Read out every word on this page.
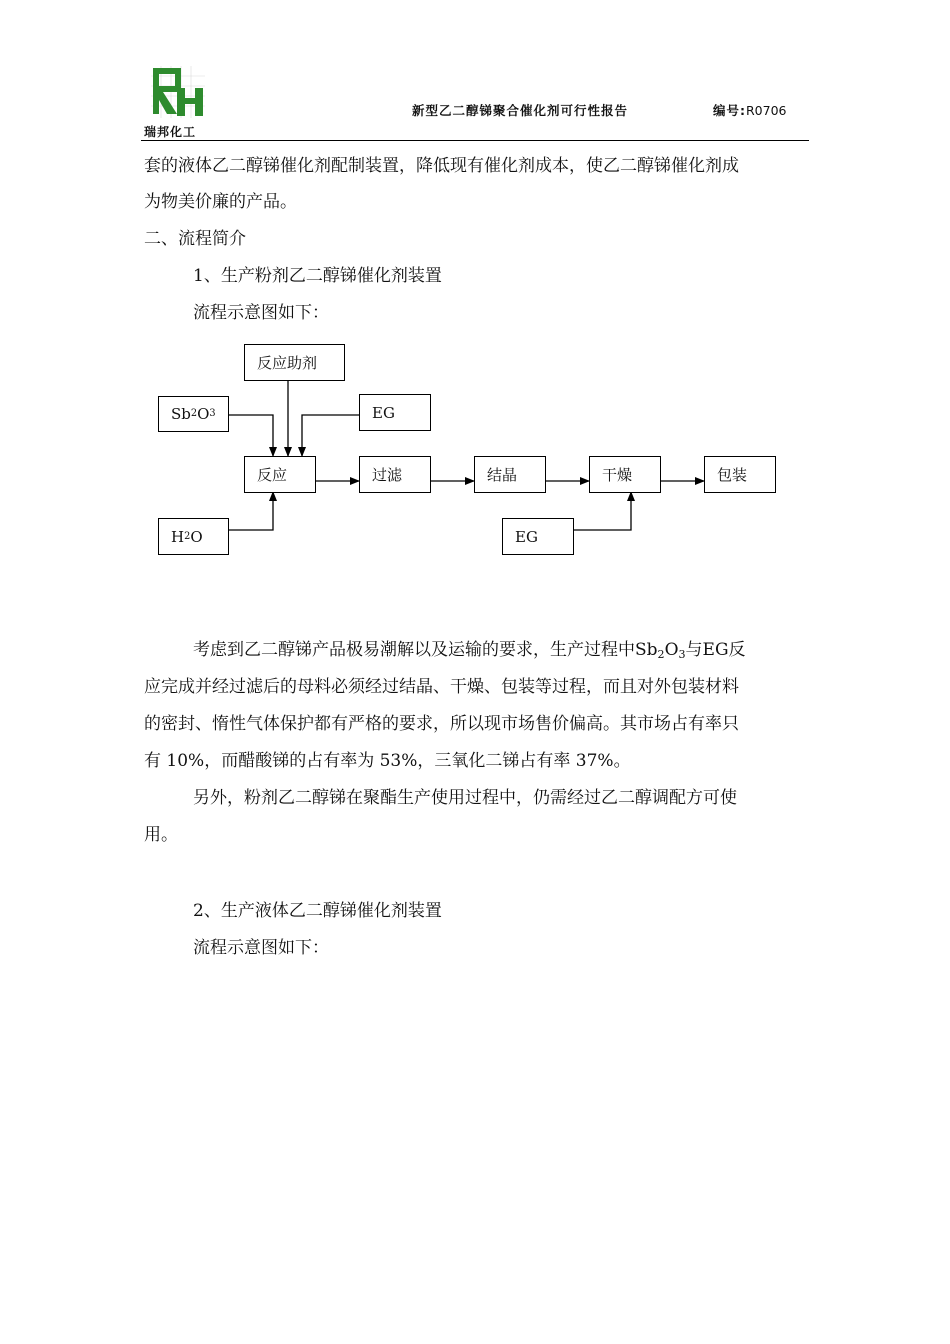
瑞邦化工
新型乙二醇锑聚合催化剂可行性报告	编号:R0706
套的液体乙二醇锑催化剂配制装置，降低现有催化剂成本，使乙二醇锑催化剂成
为物美价廉的产品。
二、流程简介
1、生产粉剂乙二醇锑催化剂装置
流程示意图如下：
反应助剂
Sb 2 O 3	EG
反应	过滤	结晶	干燥	包装
H 2 O	EG
考虑到乙二醇锑产品极易潮解以及运输的要求，生产过程中$Sb_2O_3$与EG反
应完成并经过滤后的母料必须经过结晶、干燥、包装等过程，而且对外包装材料
的密封、惰性气体保护都有严格的要求，所以现市场售价偏高。其市场占有率只
有 10%，而醋酸锑的占有率为 53%，三氧化二锑占有率 37%。
另外，粉剂乙二醇锑在聚酯生产使用过程中，仍需经过乙二醇调配方可使
用。
2、生产液体乙二醇锑催化剂装置
流程示意图如下：
